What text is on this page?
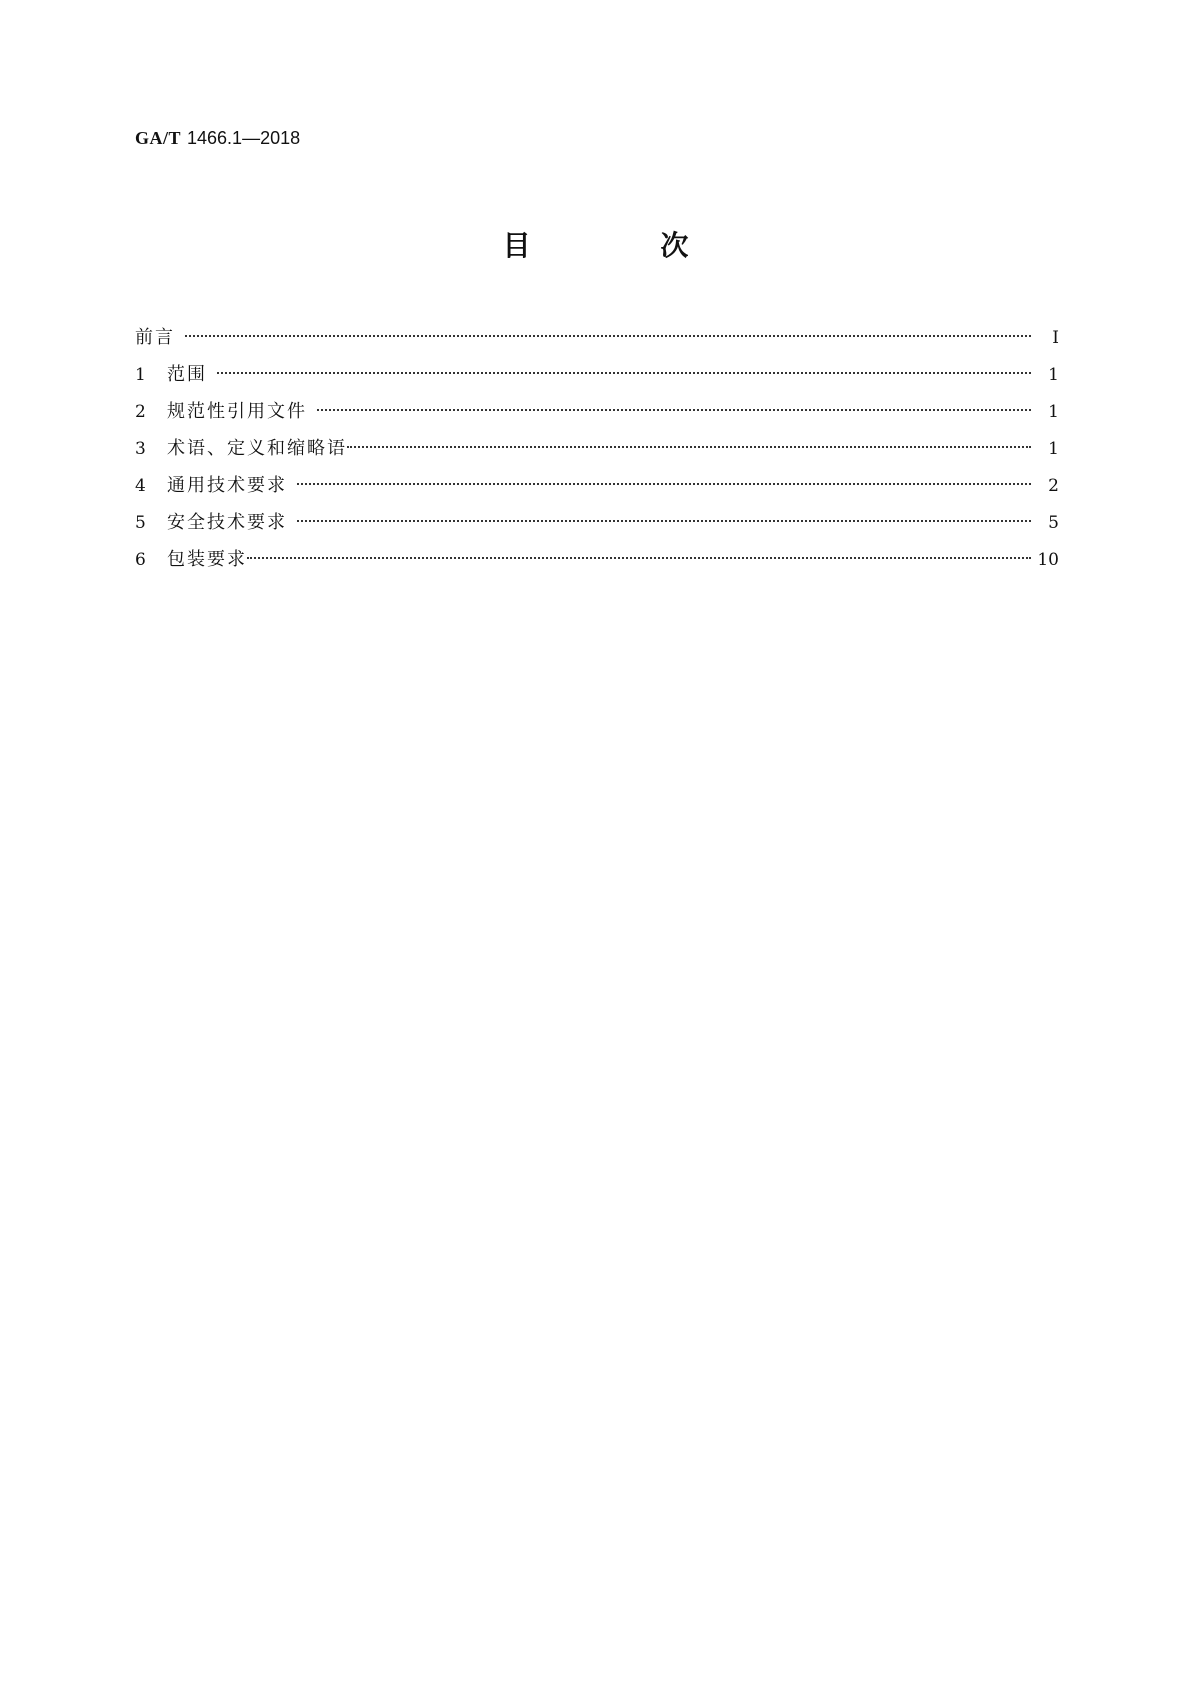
GA/T 1466.1—2018
目 次
前言	Ⅰ
1	范围	1
2	规范性引用文件	1
3	术语、定义和缩略语	1
4	通用技术要求	2
5	安全技术要求	5
6	包装要求	10
